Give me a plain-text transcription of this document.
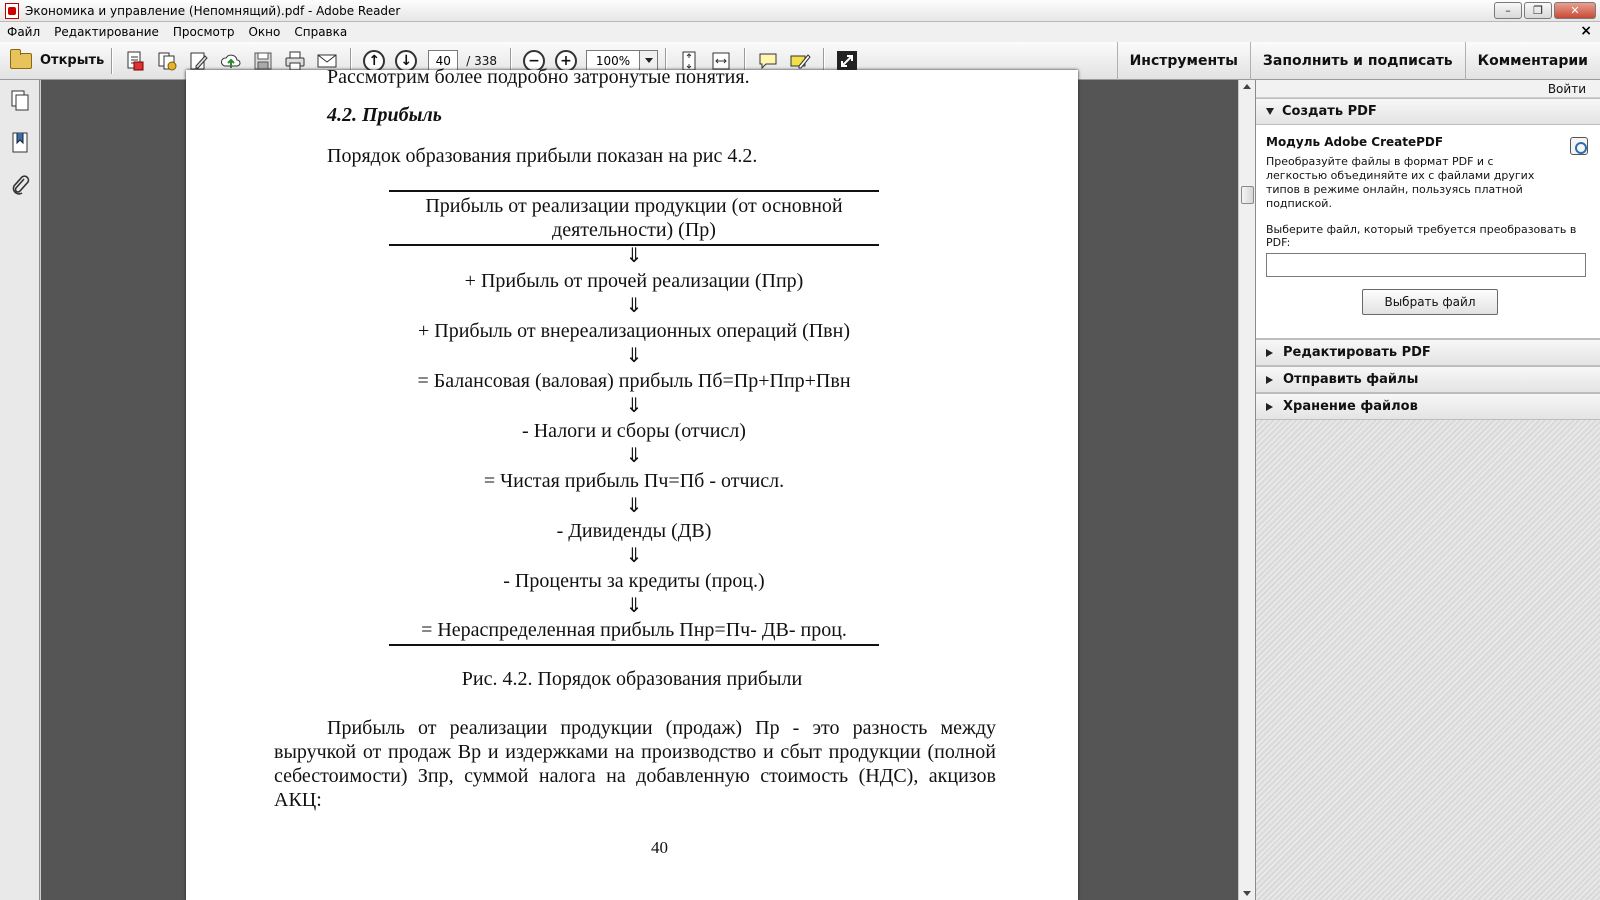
Экономика и управление (Непомнящий).pdf - Adobe Reader	–	❐	✕
Файл Редактирование Просмотр Окно Справка	×
Открыть	↑	↓	40	/ 338	−	+	100%	Инструменты	Заполнить и подписать	Комментарии
Рассмотрим более подробно затронутые понятия.
4.2. Прибыль
Порядок образования прибыли показан на рис 4.2.
Прибыль от реализации продукции (от основной деятельности) (Пр)
⇓
+ Прибыль от прочей реализации (Ппр)
⇓
+ Прибыль от внереализационных операций (Пвн)
⇓
= Балансовая (валовая) прибыль Пб=Пр+Ппр+Пвн
⇓
- Налоги и сборы (отчисл)
⇓
= Чистая прибыль Пч=Пб - отчисл.
⇓
- Дивиденды (ДВ)
⇓
- Проценты за кредиты (проц.)
⇓
= Нераспределенная прибыль Пнр=Пч- ДВ- проц.
Рис. 4.2. Порядок образования прибыли
Прибыль от реализации продукции (продаж) Пр - это разность между выручкой от продаж Вр и издержками на производство и сбыт продукции (полной себестоимости) Зпр, суммой налога на добавленную стоимость (НДС), акцизов АКЦ:
40
Войти
Создать PDF
Модуль Adobe CreatePDF
Преобразуйте файлы в формат PDF и с легкостью объединяйте их с файлами других типов в режиме онлайн, пользуясь платной подпиской.
Выберите файл, который требуется преобразовать в PDF:
Выбрать файл
Редактировать PDF
Отправить файлы
Хранение файлов
